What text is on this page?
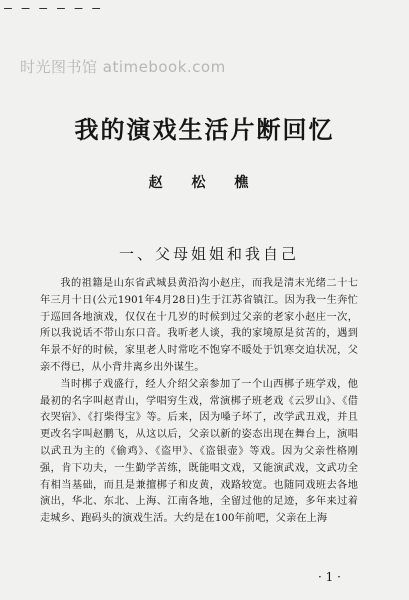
— — — — — —
时光图书馆 atimebook.com
我的演戏生活片断回忆
赵 松 樵
一、父母姐姐和我自己

我的祖籍是山东省武城县黄沿沟小赵庄，而我是清末光绪二十七年三月十日(公元1901年4月28日)生于江苏省镇江。因为我一生奔忙于巡回各地演戏，仅仅在十几岁的时候到过父亲的老家小赵庄一次，所以我说话不带山东口音。我听老人谈，我的家境原是贫苦的，遇到年景不好的时候，家里老人时常吃不饱穿不暖处于饥寒交迫状况，父亲不得已，从小背井离乡出外谋生。

当时梆子戏盛行，经人介绍父亲参加了一个山西梆子班学戏，他最初的名字叫赵青山，学唱穷生戏，常演梆子班老戏《云罗山》、《借衣哭宿》、《打柴得宝》等。后来，因为嗓子坏了，改学武丑戏，并且更改名字叫赵鹏飞，从这以后，父亲以新的姿态出现在舞台上，演唱以武丑为主的《偷鸡》、《盗甲》、《盗银壶》等戏。因为父亲性格刚强，肯下功夫，一生勤学苦练，既能唱文戏，又能演武戏，文武功全有相当基础，而且是兼擅梆子和皮黄，戏路较宽。也随同戏班去各地演出，华北、东北、上海、江南各地，全留过他的足迹，多年来过着走城乡、跑码头的演戏生活。大约是在100年前吧，父亲在上海

· 1 ·
